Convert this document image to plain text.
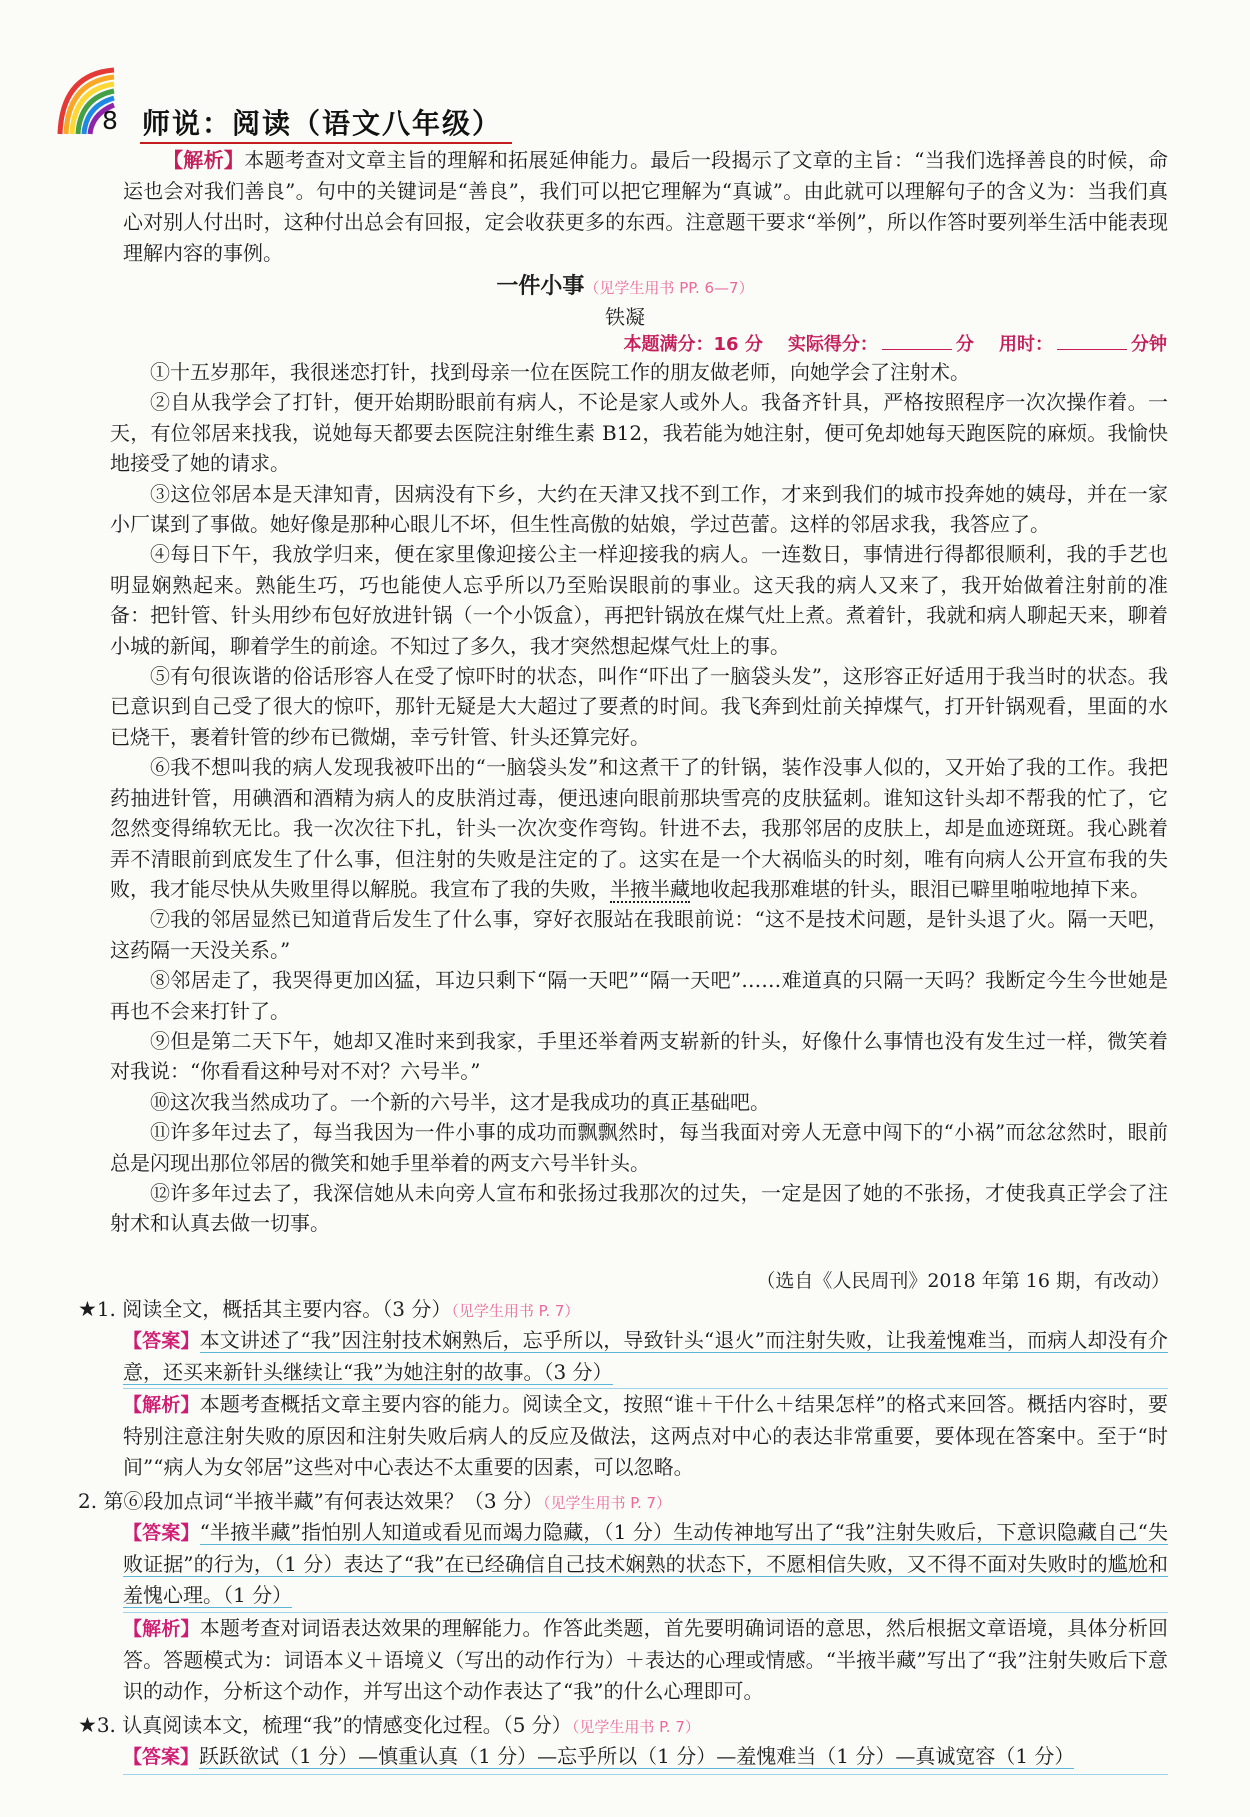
8 师说：阅读（语文八年级）
【解析】本题考查对文章主旨的理解和拓展延伸能力。最后一段揭示了文章的主旨：“当我们选择善良的时候，命运也会对我们善良”。句中的关键词是“善良”，我们可以把它理解为“真诚”。由此就可以理解句子的含义为：当我们真心对别人付出时，这种付出总会有回报，定会收获更多的东西。注意题干要求“举例”，所以作答时要列举生活中能表现理解内容的事例。
一件小事（见学生用书 PP. 6—7）
铁凝
本题满分：16 分 实际得分：	分 用时：	分钟

①十五岁那年，我很迷恋打针，找到母亲一位在医院工作的朋友做老师，向她学会了注射术。

②自从我学会了打针，便开始期盼眼前有病人，不论是家人或外人。我备齐针具，严格按照程序一次次操作着。一天，有位邻居来找我，说她每天都要去医院注射维生素 B12，我若能为她注射，便可免却她每天跑医院的麻烦。我愉快地接受了她的请求。

③这位邻居本是天津知青，因病没有下乡，大约在天津又找不到工作，才来到我们的城市投奔她的姨母，并在一家小厂谋到了事做。她好像是那种心眼儿不坏，但生性高傲的姑娘，学过芭蕾。这样的邻居求我，我答应了。

④每日下午，我放学归来，便在家里像迎接公主一样迎接我的病人。一连数日，事情进行得都很顺利，我的手艺也明显娴熟起来。熟能生巧，巧也能使人忘乎所以乃至贻误眼前的事业。这天我的病人又来了，我开始做着注射前的准备：把针管、针头用纱布包好放进针锅（一个小饭盒），再把针锅放在煤气灶上煮。煮着针，我就和病人聊起天来，聊着小城的新闻，聊着学生的前途。不知过了多久，我才突然想起煤气灶上的事。

⑤有句很诙谐的俗话形容人在受了惊吓时的状态，叫作“吓出了一脑袋头发”，这形容正好适用于我当时的状态。我已意识到自己受了很大的惊吓，那针无疑是大大超过了要煮的时间。我飞奔到灶前关掉煤气，打开针锅观看，里面的水已烧干，裹着针管的纱布已微煳，幸亏针管、针头还算完好。

⑥我不想叫我的病人发现我被吓出的“一脑袋头发”和这煮干了的针锅，装作没事人似的，又开始了我的工作。我把药抽进针管，用碘酒和酒精为病人的皮肤消过毒，便迅速向眼前那块雪亮的皮肤猛刺。谁知这针头却不帮我的忙了，它忽然变得绵软无比。我一次次往下扎，针头一次次变作弯钩。针进不去，我那邻居的皮肤上，却是血迹斑斑。我心跳着弄不清眼前到底发生了什么事，但注射的失败是注定的了。这实在是一个大祸临头的时刻，唯有向病人公开宣布我的失败，我才能尽快从失败里得以解脱。我宣布了我的失败，半掖半藏地收起我那难堪的针头，眼泪已噼里啪啦地掉下来。

⑦我的邻居显然已知道背后发生了什么事，穿好衣服站在我眼前说：“这不是技术问题，是针头退了火。隔一天吧，这药隔一天没关系。”

⑧邻居走了，我哭得更加凶猛，耳边只剩下“隔一天吧”“隔一天吧”……难道真的只隔一天吗？我断定今生今世她是再也不会来打针了。

⑨但是第二天下午，她却又准时来到我家，手里还举着两支崭新的针头，好像什么事情也没有发生过一样，微笑着对我说：“你看看这种号对不对？六号半。”

⑩这次我当然成功了。一个新的六号半，这才是我成功的真正基础吧。

⑪许多年过去了，每当我因为一件小事的成功而飘飘然时，每当我面对旁人无意中闯下的“小祸”而忿忿然时，眼前总是闪现出那位邻居的微笑和她手里举着的两支六号半针头。

⑫许多年过去了，我深信她从未向旁人宣布和张扬过我那次的过失，一定是因了她的不张扬，才使我真正学会了注射术和认真去做一切事。

（选自《人民周刊》2018 年第 16 期，有改动）
★1. 阅读全文，概括其主要内容。（3 分）（见学生用书 P. 7）
【答案】本文讲述了“我”因注射技术娴熟后，忘乎所以，导致针头“退火”而注射失败，让我羞愧难当，而病人却没有介意，还买来新针头继续让“我”为她注射的故事。（3 分）
【解析】本题考查概括文章主要内容的能力。阅读全文，按照“谁＋干什么＋结果怎样”的格式来回答。概括内容时，要特别注意注射失败的原因和注射失败后病人的反应及做法，这两点对中心的表达非常重要，要体现在答案中。至于“时间”“病人为女邻居”这些对中心表达不太重要的因素，可以忽略。
2. 第⑥段加点词“半掖半藏”有何表达效果？（3 分）（见学生用书 P. 7）
【答案】“半掖半藏”指怕别人知道或看见而竭力隐藏，（1 分）生动传神地写出了“我”注射失败后，下意识隐藏自己“失败证据”的行为，（1 分）表达了“我”在已经确信自己技术娴熟的状态下，不愿相信失败，又不得不面对失败时的尴尬和羞愧心理。（1 分）
【解析】本题考查对词语表达效果的理解能力。作答此类题，首先要明确词语的意思，然后根据文章语境，具体分析回答。答题模式为：词语本义＋语境义（写出的动作行为）＋表达的心理或情感。“半掖半藏”写出了“我”注射失败后下意识的动作，分析这个动作，并写出这个动作表达了“我”的什么心理即可。
★3. 认真阅读本文，梳理“我”的情感变化过程。（5 分）（见学生用书 P. 7）
【答案】跃跃欲试（1 分）—慎重认真（1 分）—忘乎所以（1 分）—羞愧难当（1 分）—真诚宽容（1 分）
